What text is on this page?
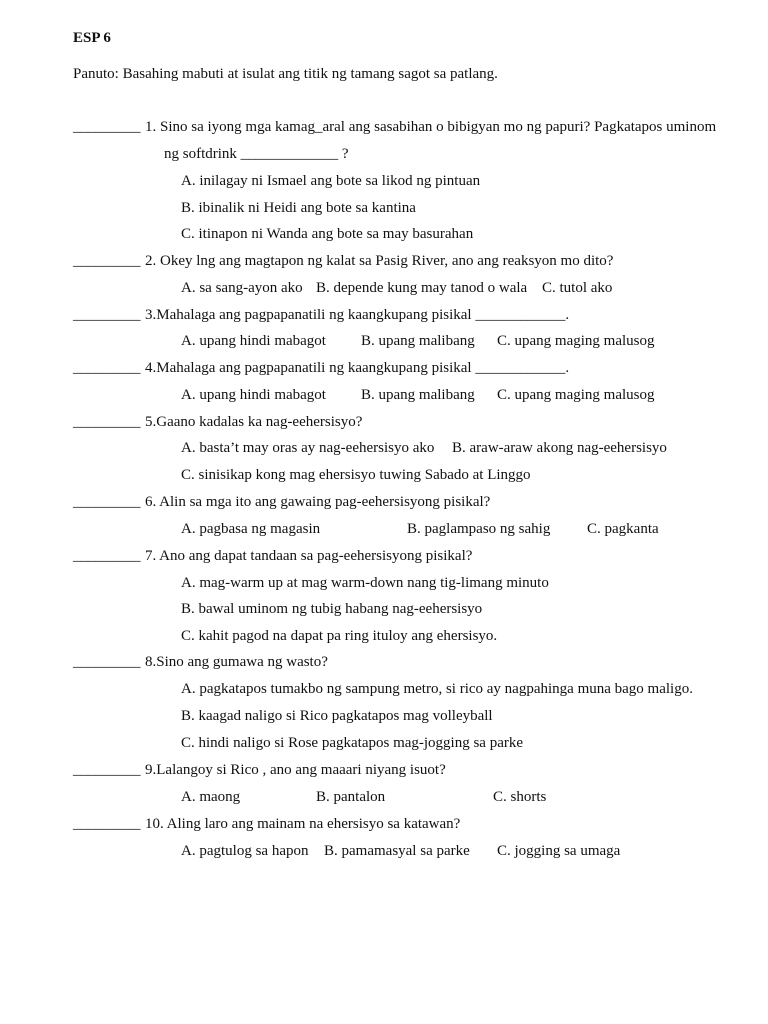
ESP 6
Panuto: Basahing mabuti at isulat ang titik ng tamang sagot sa patlang.
_________ 1. Sino sa iyong mga kamag_aral ang sasabihan o bibigyan mo ng papuri? Pagkatapos uminom
ng softdrink _____________ ?
A. inilagay ni Ismael ang bote sa likod ng pintuan
B. ibinalik ni Heidi ang bote sa kantina
C. itinapon ni Wanda ang bote sa may basurahan
_________ 2. Okey lng ang magtapon ng kalat sa Pasig River, ano ang reaksyon mo dito?
A. sa sang-ayon ako B. depende kung may tanod o wala C. tutol ako
_________ 3.Mahalaga ang pagpapanatili ng kaangkupang pisikal ____________.
A. upang hindi mabagot B. upang malibang C. upang maging malusog
_________ 4.Mahalaga ang pagpapanatili ng kaangkupang pisikal ____________.
A. upang hindi mabagot B. upang malibang C. upang maging malusog
_________ 5.Gaano kadalas ka nag-eehersisyo?
A. basta’t may oras ay nag-eehersisyo ako B. araw-araw akong nag-eehersisyo
C. sinisikap kong mag ehersisyo tuwing Sabado at Linggo
_________ 6. Alin sa mga ito ang gawaing pag-eehersisyong pisikal?
A. pagbasa ng magasin	B. paglampaso ng sahig C. pagkanta
_________ 7. Ano ang dapat tandaan sa pag-eehersisyong pisikal?
A. mag-warm up at mag warm-down nang tig-limang minuto
B. bawal uminom ng tubig habang nag-eehersisyo
C. kahit pagod na dapat pa ring ituloy ang ehersisyo.
_________ 8.Sino ang gumawa ng wasto?
A. pagkatapos tumakbo ng sampung metro, si rico ay nagpahinga muna bago maligo.
B. kaagad naligo si Rico pagkatapos mag volleyball
C. hindi naligo si Rose pagkatapos mag-jogging sa parke
_________ 9.Lalangoy si Rico , ano ang maaari niyang isuot?
A. maong	B. pantalon	C. shorts
_________ 10. Aling laro ang mainam na ehersisyo sa katawan?
A. pagtulog sa hapon B. pamamasyal sa parke C. jogging sa umaga
